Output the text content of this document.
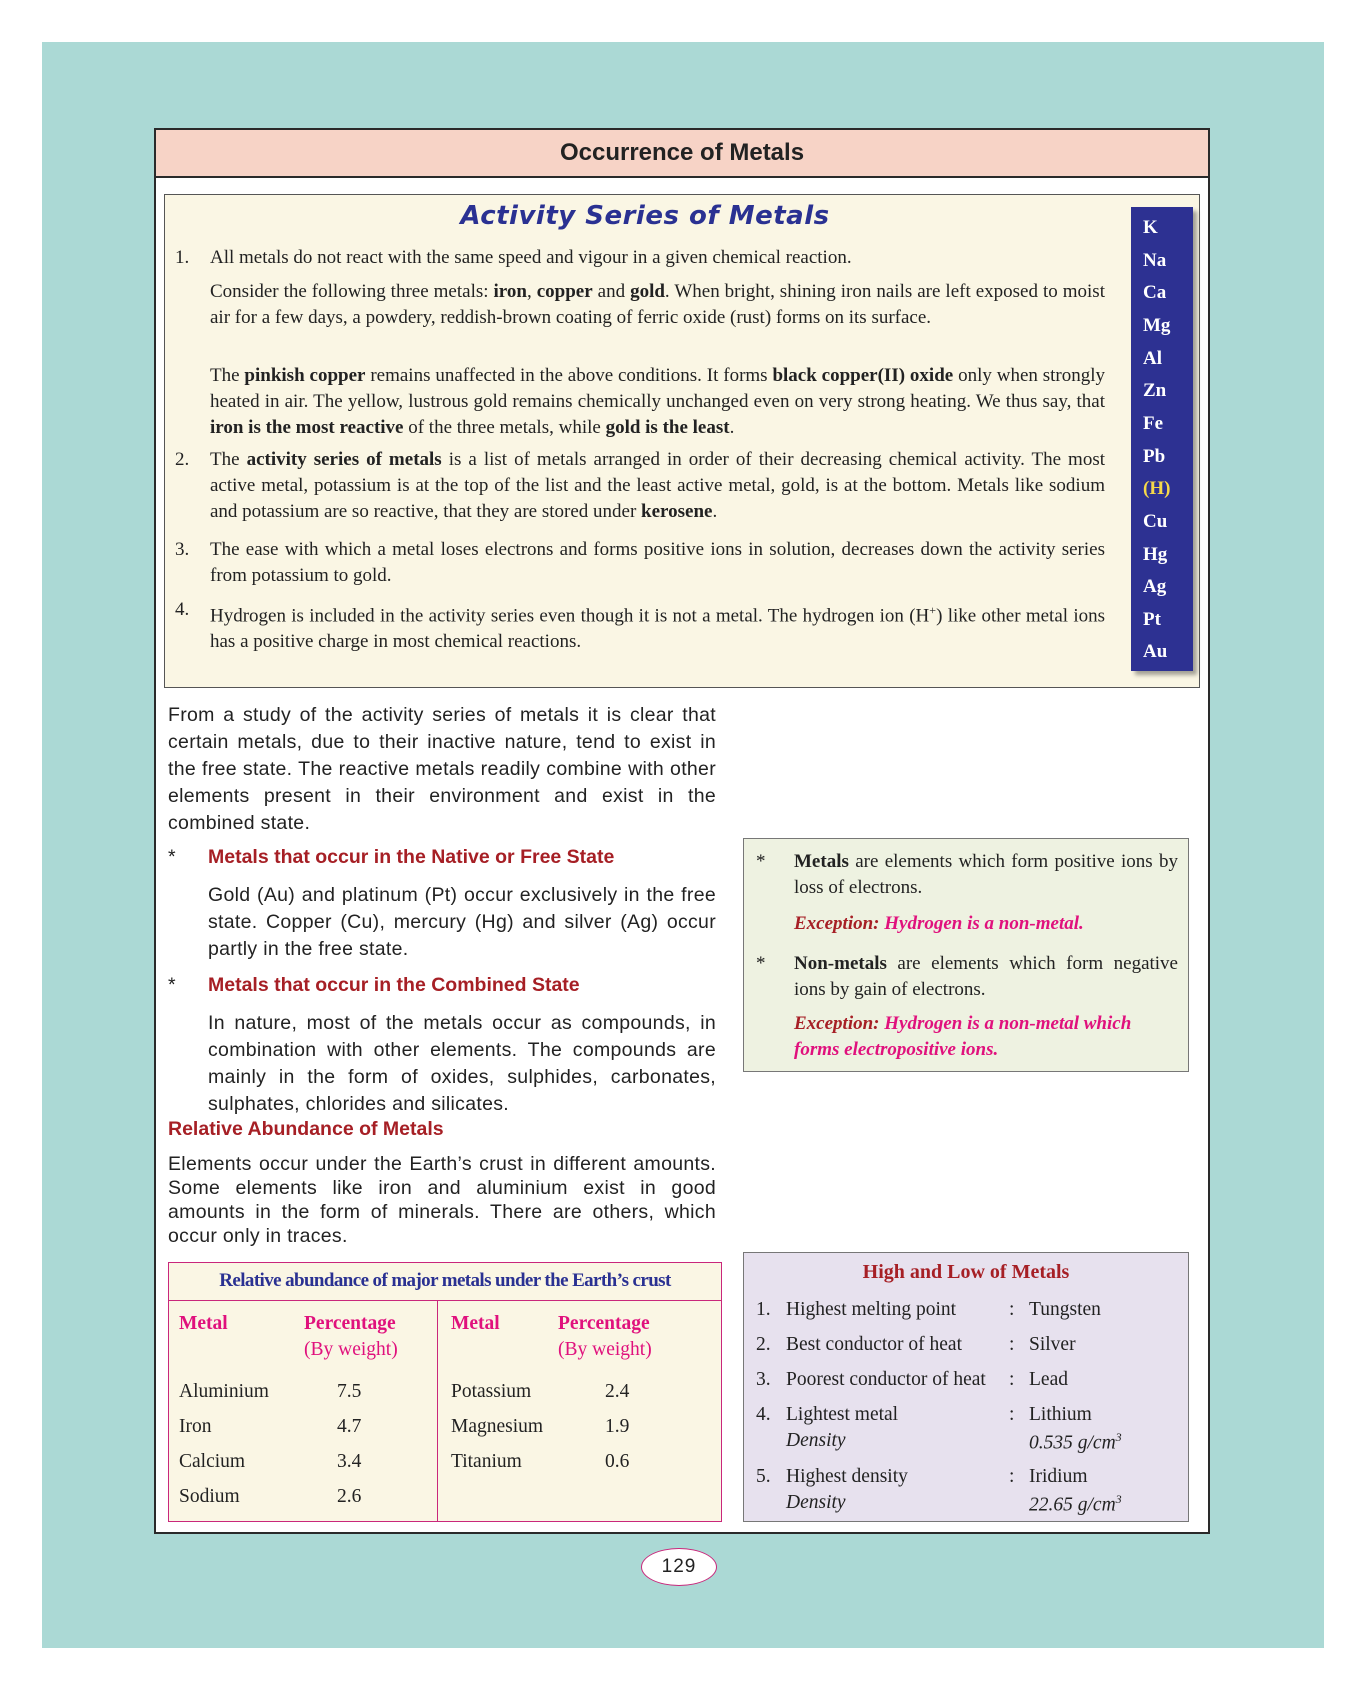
Occurrence of Metals
Activity Series of Metals
1. All metals do not react with the same speed and vigour in a given chemical reaction.
Consider the following three metals: iron, copper and gold. When bright, shining iron nails are left exposed to moist air for a few days, a powdery, reddish-brown coating of ferric oxide (rust) forms on its surface.
The pinkish copper remains unaffected in the above conditions. It forms black copper(II) oxide only when strongly heated in air. The yellow, lustrous gold remains chemically unchanged even on very strong heating. We thus say, that iron is the most reactive of the three metals, while gold is the least.
2. The activity series of metals is a list of metals arranged in order of their decreasing chemical activity. The most active metal, potassium is at the top of the list and the least active metal, gold, is at the bottom. Metals like sodium and potassium are so reactive, that they are stored under kerosene.
3. The ease with which a metal loses electrons and forms positive ions in solution, decreases down the activity series from potassium to gold.
4. Hydrogen is included in the activity series even though it is not a metal. The hydrogen ion (H+) like other metal ions has a positive charge in most chemical reactions.
K
Na
Ca
Mg
Al
Zn
Fe
Pb
(H)
Cu
Hg
Ag
Pt
Au
From a study of the activity series of metals it is clear that certain metals, due to their inactive nature, tend to exist in the free state. The reactive metals readily combine with other elements present in their environment and exist in the combined state.
* Metals that occur in the Native or Free State
Gold (Au) and platinum (Pt) occur exclusively in the free state. Copper (Cu), mercury (Hg) and silver (Ag) occur partly in the free state.
* Metals that occur in the Combined State
In nature, most of the metals occur as compounds, in combination with other elements. The compounds are mainly in the form of oxides, sulphides, carbonates, sulphates, chlorides and silicates.
Relative Abundance of Metals
Elements occur under the Earth’s crust in different amounts. Some elements like iron and aluminium exist in good amounts in the form of minerals. There are others, which occur only in traces.
* Metals are elements which form positive ions by loss of electrons.
Exception: Hydrogen is a non-metal.
* Non-metals are elements which form negative ions by gain of electrons.
Exception: Hydrogen is a non-metal which forms electropositive ions.
Relative abundance of major metals under the Earth’s crust
Metal	Percentage
(By weight)
Metal	Percentage
(By weight)
Aluminium	7.5
Iron	4.7
Calcium	3.4
Sodium	2.6
Potassium	2.4
Magnesium	1.9
Titanium	0.6
High and Low of Metals
1. Highest melting point	: Tungsten
2. Best conductor of heat : Silver
3. Poorest conductor of heat : Lead
4. Lightest metal	: Lithium
Density	0.535 $g/cm^3$
5. Highest density	: Iridium
Density	22.65 $g/cm^3$
129
